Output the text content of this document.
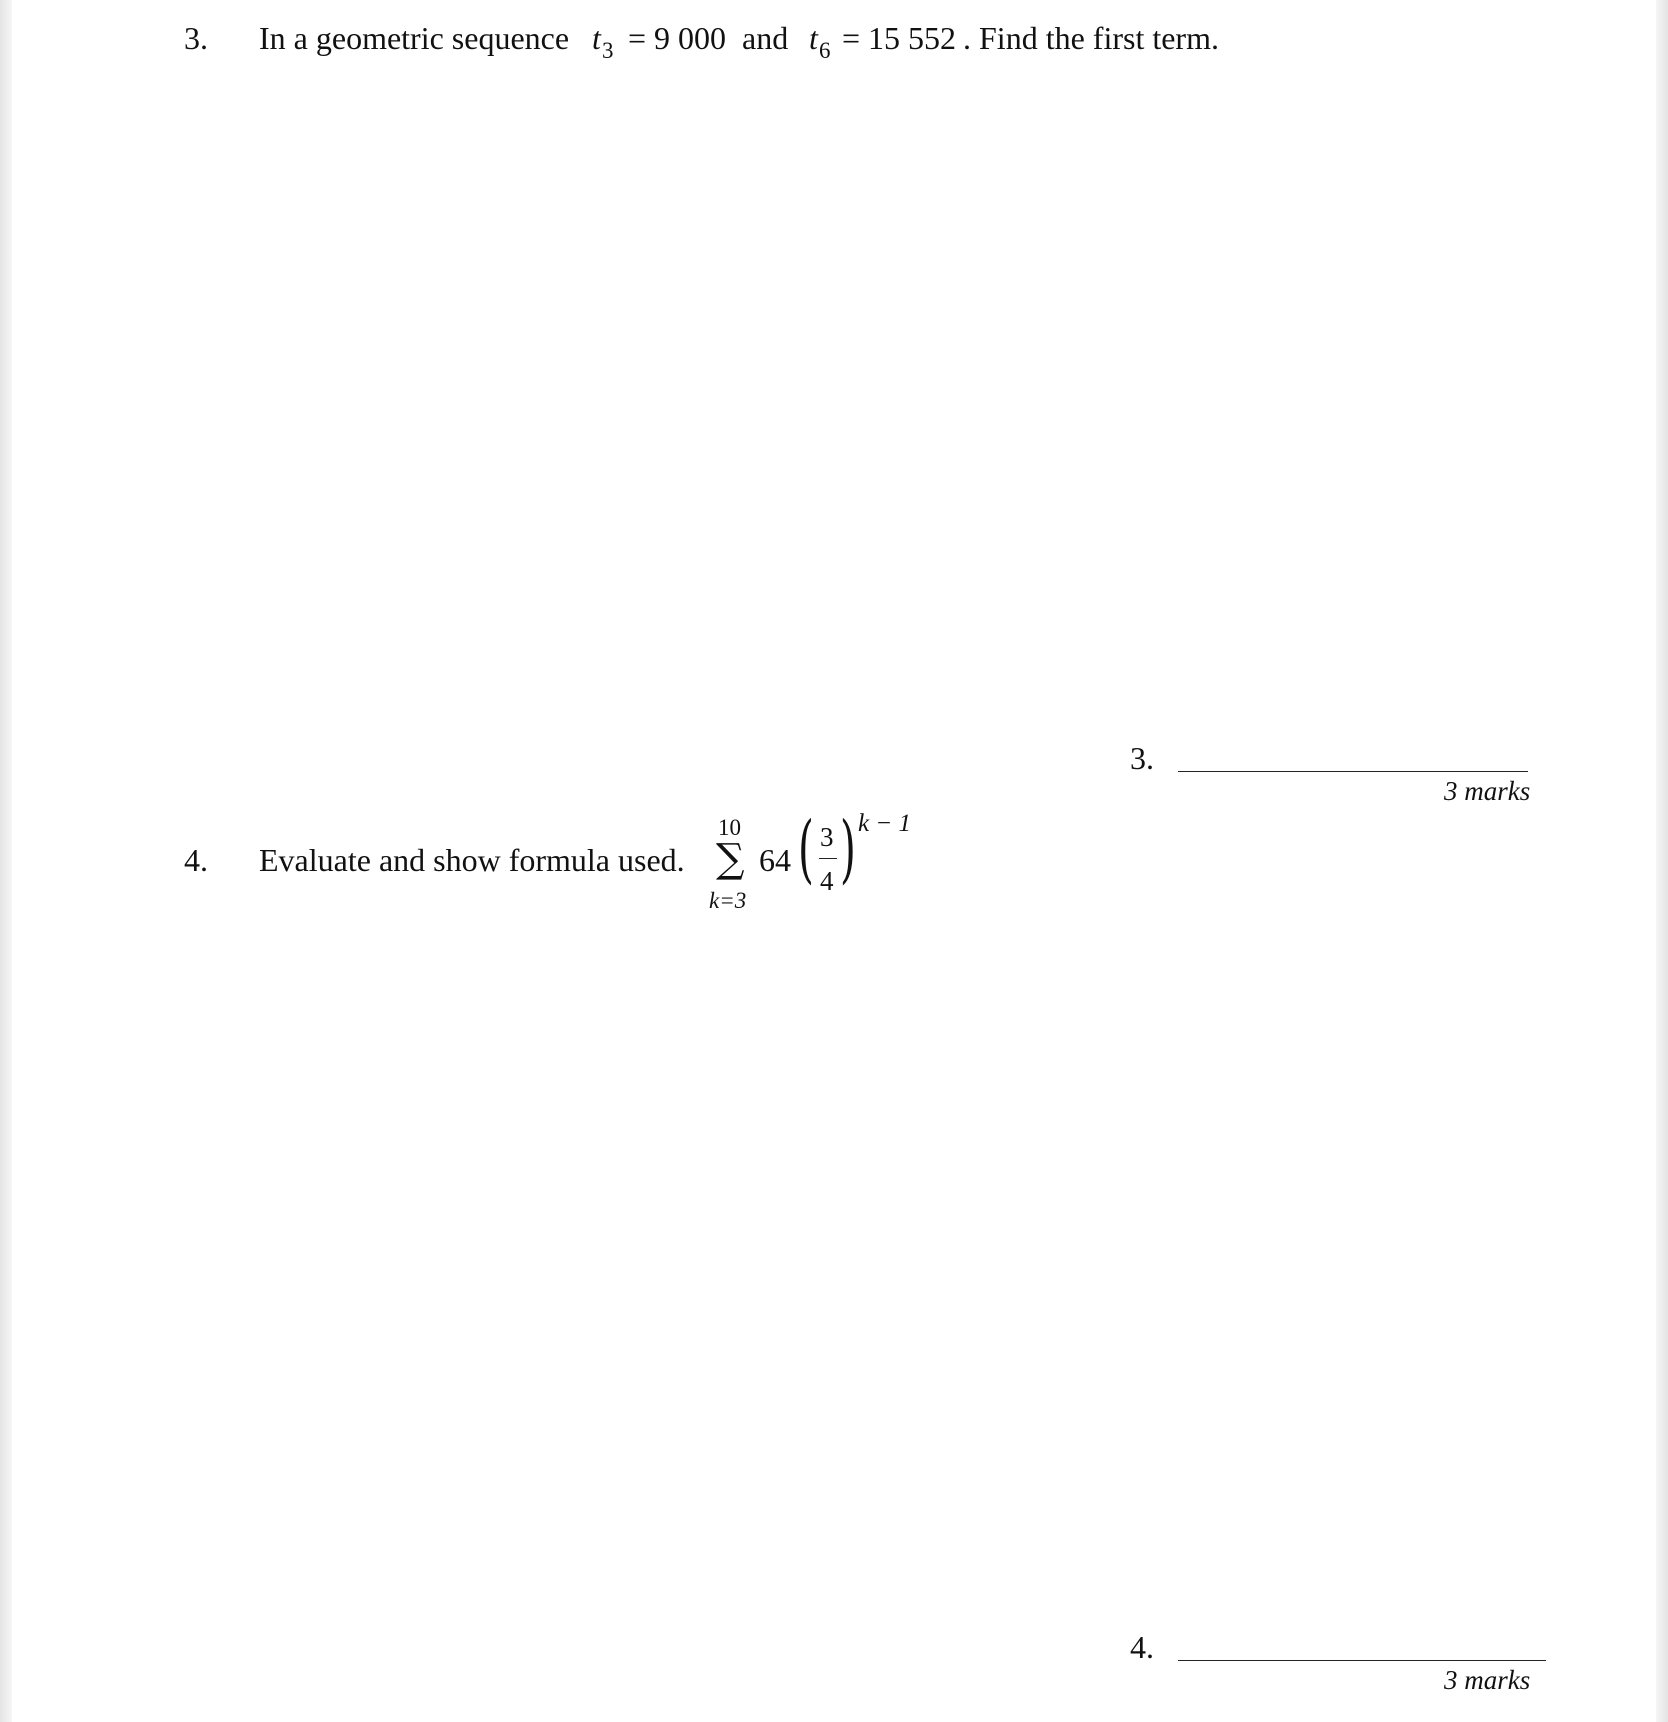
3. In a geometric sequence t 3 = 9 000 and t 6 = 15 552 . Find the first term.
3.
3 marks
4. Evaluate and show formula used.
10
∑
k=3
64 ( 3
4 ) k − 1
4.
3 marks
